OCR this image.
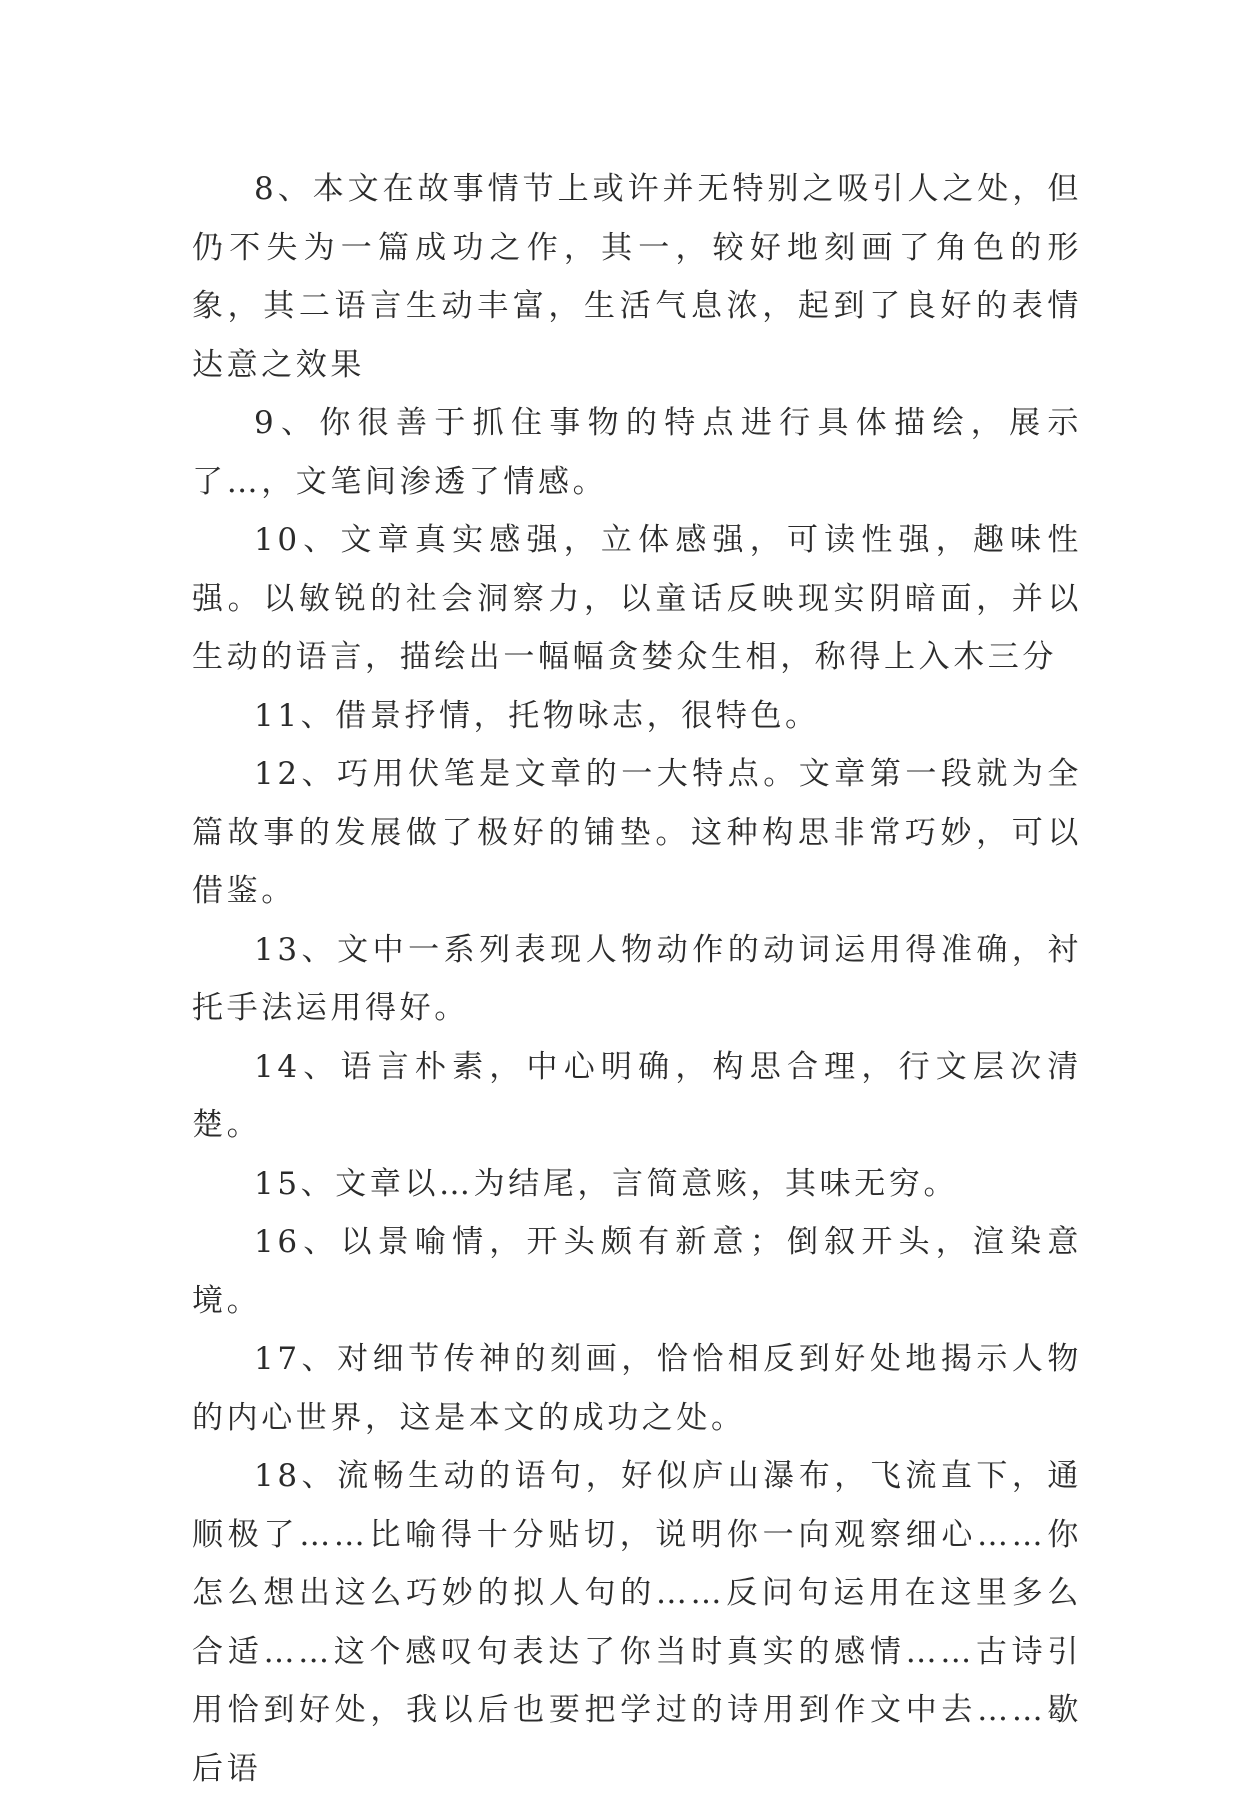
8、本文在故事情节上或许并无特别之吸引人之处，但仍不失为一篇成功之作，其一，较好地刻画了角色的形象，其二语言生动丰富，生活气息浓，起到了良好的表情达意之效果

9、你很善于抓住事物的特点进行具体描绘，展示了…，文笔间渗透了情感。

10、文章真实感强，立体感强，可读性强，趣味性强。以敏锐的社会洞察力，以童话反映现实阴暗面，并以生动的语言，描绘出一幅幅贪婪众生相，称得上入木三分

11、借景抒情，托物咏志，很特色。

12、巧用伏笔是文章的一大特点。文章第一段就为全篇故事的发展做了极好的铺垫。这种构思非常巧妙，可以借鉴。

13、文中一系列表现人物动作的动词运用得准确，衬托手法运用得好。

14、语言朴素，中心明确，构思合理，行文层次清楚。

15、文章以…为结尾，言简意赅，其味无穷。

16、以景喻情，开头颇有新意；倒叙开头，渲染意境。

17、对细节传神的刻画，恰恰相反到好处地揭示人物的内心世界，这是本文的成功之处。

18、流畅生动的语句，好似庐山瀑布，飞流直下，通顺极了……比喻得十分贴切，说明你一向观察细心……你怎么想出这么巧妙的拟人句的……反问句运用在这里多么合适……这个感叹句表达了你当时真实的感情……古诗引用恰到好处，我以后也要把学过的诗用到作文中去……歇后语
